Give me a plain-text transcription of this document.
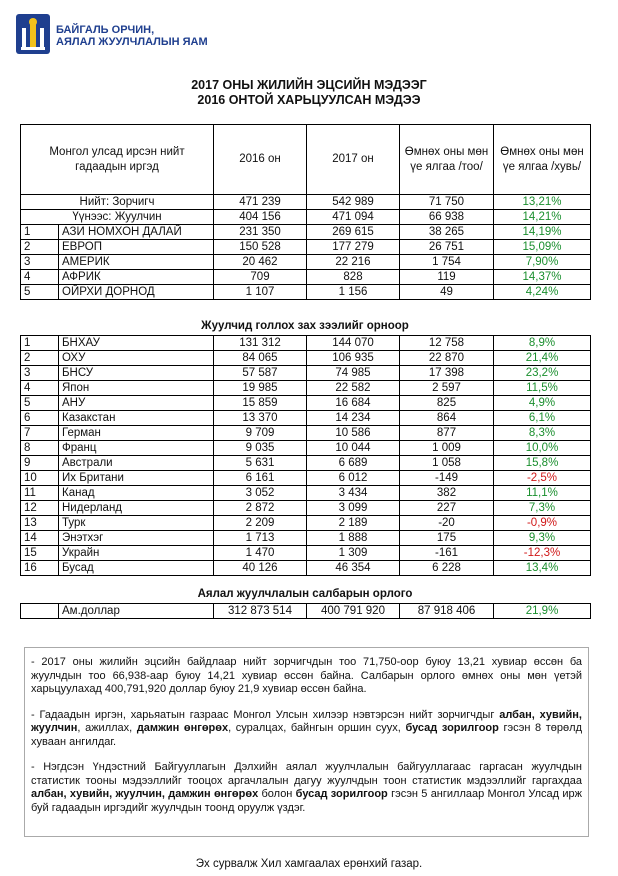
БАЙГАЛЬ ОРЧИН,
АЯЛАЛ ЖУУЛЧЛАЛЫН ЯАМ
2017 ОНЫ ЖИЛИЙН ЭЦСИЙН МЭДЭЭГ
2016 ОНТОЙ ХАРЬЦУУЛСАН МЭДЭЭ
Монгол улсад ирсэн нийт гадаадын иргэд		2016 он	2017 он	Өмнөх оны мөн үе ялгаа /тоо/	Өмнөх оны мөн үе ялгаа /хувь/
Нийт: Зорчигч		471 239	542 989	71 750	13,21%
Үүнээс: Жуулчин		404 156	471 094	66 938	14,21%
1	АЗИ НОМХОН ДАЛАЙ	231 350	269 615	38 265	14,19%
2	ЕВРОП	150 528	177 279	26 751	15,09%
3	АМЕРИК	20 462	22 216	1 754	7,90%
4	АФРИК	709	828	119	14,37%
5	ОЙРХИ ДОРНОД	1 107	1 156	49	4,24%
Жуулчид голлох зах зээлийг орноор
1	БНХАУ	131 312	144 070	12 758	8,9%
2	ОХУ	84 065	106 935	22 870	21,4%
3	БНСУ	57 587	74 985	17 398	23,2%
4	Япон	19 985	22 582	2 597	11,5%
5	АНУ	15 859	16 684	825	4,9%
6	Казакстан	13 370	14 234	864	6,1%
7	Герман	9 709	10 586	877	8,3%
8	Франц	9 035	10 044	1 009	10,0%
9	Австрали	5 631	6 689	1 058	15,8%
10	Их Британи	6 161	6 012	-149	-2,5%
11	Канад	3 052	3 434	382	11,1%
12	Нидерланд	2 872	3 099	227	7,3%
13	Турк	2 209	2 189	-20	-0,9%
14	Энэтхэг	1 713	1 888	175	9,3%
15	Украйн	1 470	1 309	-161	-12,3%
16	Бусад	40 126	46 354	6 228	13,4%
Аялал жуулчлалын салбарын орлого
	Ам.доллар	312 873 514	400 791 920	87 918 406	21,9%

- 2017 оны жилийн эцсийн байдлаар нийт зорчигчдын тоо 71,750-оор буюу 13,21 хувиар өссөн ба жуулчдын тоо 66,938-аар буюу 14,21 хувиар өссөн байна. Салбарын орлого өмнөх оны мөн үетэй харьцуулахад 400,791,920 доллар буюу 21,9 хувиар өссөн байна.

- Гадаадын иргэн, харьяатын газраас Монгол Улсын хилээр нэвтэрсэн нийт зорчигчдыг албан, хувийн, жуулчин, ажиллах, дамжин өнгөрөх, суралцах, байнгын оршин суух, бусад зорилгоор гэсэн 8 төрөлд хуваан ангилдаг.

- Нэгдсэн Үндэстний Байгууллагын Дэлхийн аялал жуулчлалын байгууллагаас гаргасан жуулчдын статистик тооны мэдээллийг тооцох аргачлалын дагуу жуулчдын тоон статистик мэдээллийг гаргахдаа албан, хувийн, жуулчин, дамжин өнгөрөх болон бусад зорилгоор гэсэн 5 ангиллаар Монгол Улсад ирж буй гадаадын иргэдийг жуулчдын тоонд оруулж үздэг.

Эх сурвалж Хил хамгаалах ерөнхий газар.
